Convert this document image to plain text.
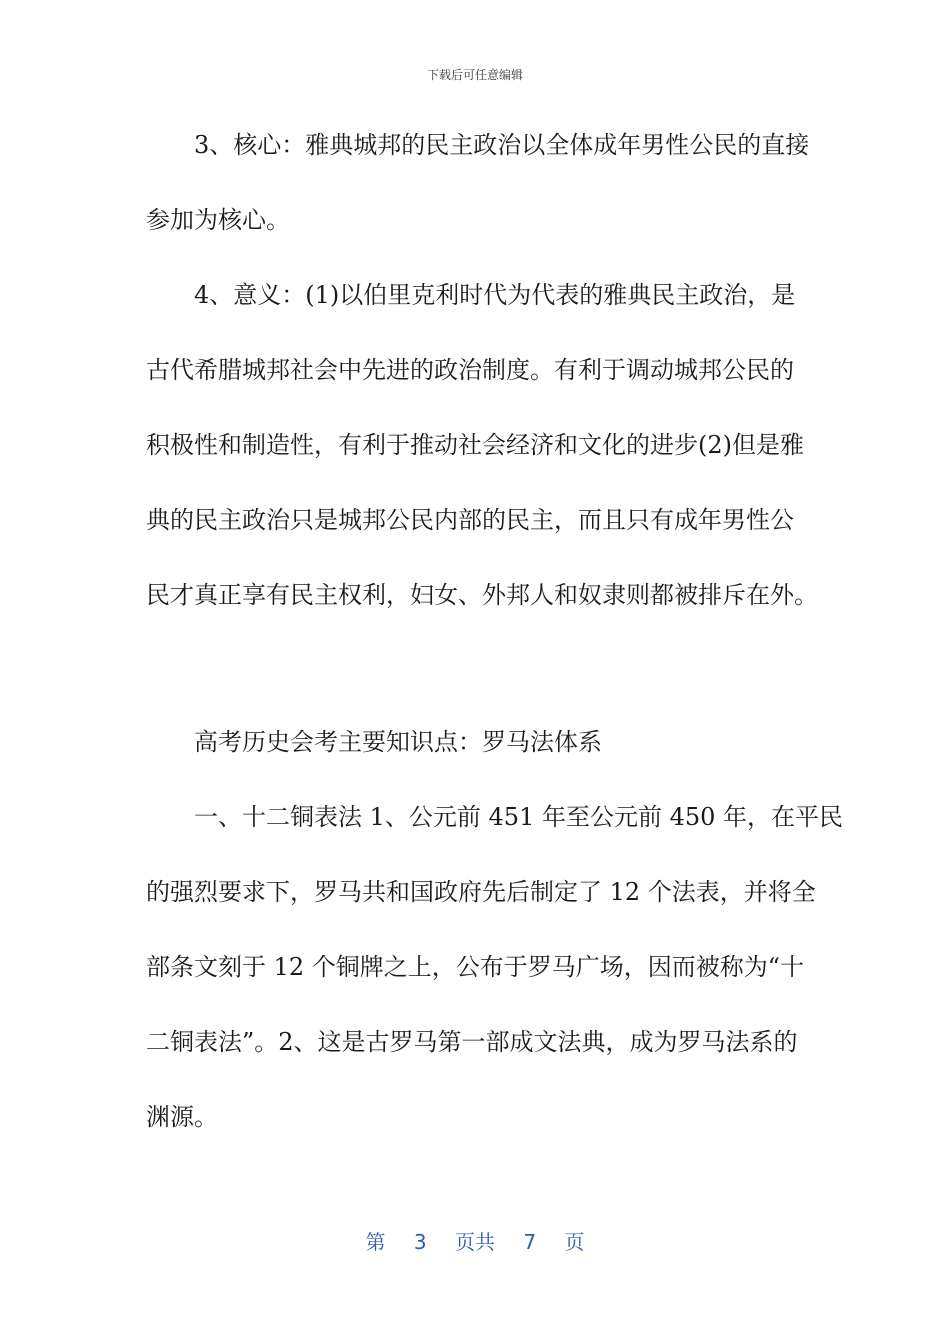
下载后可任意编辑
3、核心：雅典城邦的民主政治以全体成年男性公民的直接
参加为核心。
4、意义：(1)以伯里克利时代为代表的雅典民主政治，是
古代希腊城邦社会中先进的政治制度。有利于调动城邦公民的
积极性和制造性，有利于推动社会经济和文化的进步(2)但是雅
典的民主政治只是城邦公民内部的民主，而且只有成年男性公
民才真正享有民主权利，妇女、外邦人和奴隶则都被排斥在外。
高考历史会考主要知识点：罗马法体系
一、十二铜表法 1、公元前 451 年至公元前 450 年，在平民
的强烈要求下，罗马共和国政府先后制定了 12 个法表，并将全
部条文刻于 12 个铜牌之上，公布于罗马广场，因而被称为“十
二铜表法”。2、这是古罗马第一部成文法典，成为罗马法系的
渊源。
第 3 页共 7 页
